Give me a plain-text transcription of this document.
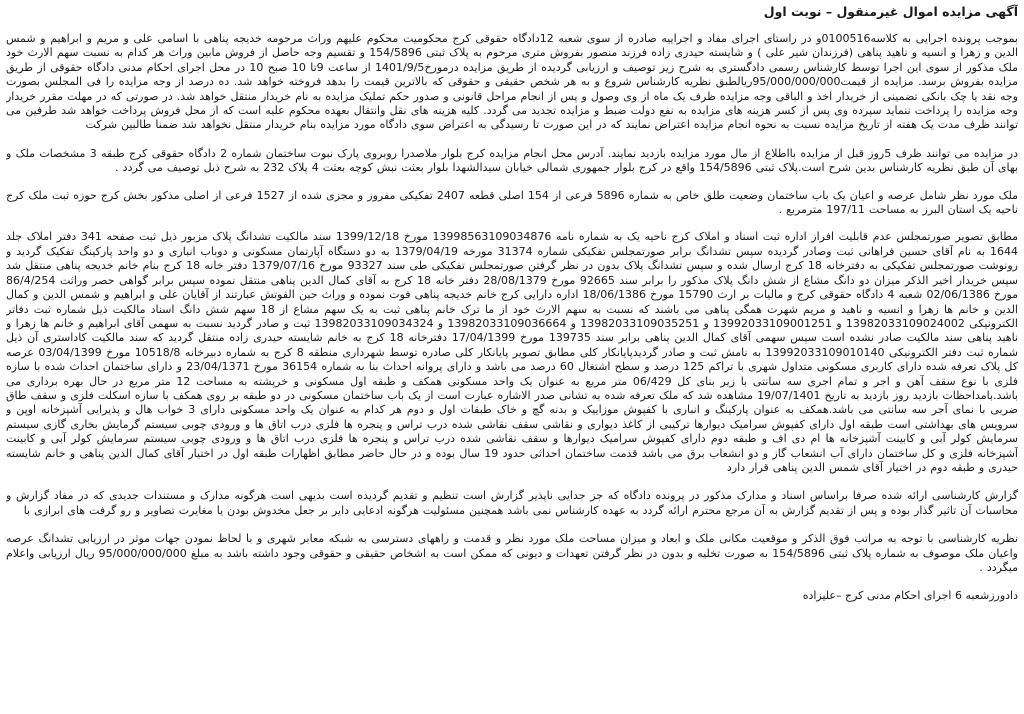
آگهی مزایده اموال غیرمنقول – نوبت اول

بموجب پرونده اجرایی به کلاسه0100516و در راستای اجرای مفاد و اجراییه صادره از سوی شعبه 12دادگاه حقوقی کرج محکومیت محکوم علیهم وراث مرحومه خدیجه پناهی با اسامی علی و مریم و ابراهیم و شمس الدین و زهرا و انسیه و ناهید پناهی (فرزندان شیر علی ) و شایسته حیدری زاده فرزند منصور بفروش متری مرحوم به پلاک ثبتی 154/5896 و تقسیم وجه حاصل از فروش مابین وراث هر کدام به نسبت سهم الارث خود ملک مذکور از سوی این اجرا توسط کارشناس رسمی دادگستری به شرح زیر توصیف و ارزیابی گردیده از طریق مزایده درمورخ1401/9/5 از ساعت 9تا 10 صبح 10 در محل اجرای احکام مدنی دادگاه حقوقی از طریق مزایده بفروش برسد. مزایده از قیمت95/000/000/000ریالطبق نظریه کارشناس شروع و به هر شخص حقیقی و حقوقی که بالاترین قیمت را بدهد فروخته خواهد شد. ده درصد از وجه مزایده را فی المجلس بصورت وجه نقد یا چک بانکی تضمینی از خریدار اخذ و الباقی وجه مزایده ظرف یک ماه از وی وصول و پس از انجام مراحل قانونی و صدور حکم تملیک مزایده به نام خریدار منتقل خواهد شد. در صورتی که در مهلت مقرر خریدار وجه مزایده را پرداخت ننماید سپرده وی پس از کسر هزینه های مزایده به نفع دولت ضبط و مزایده تجدید می گردد. کلیه هزینه های نقل وانتقال بعهده محکوم علیه است که از محل فروش پرداخت خواهد شد طرفین می توانند ظرف مدت یک هفته از تاریخ مزایده نسبت به نحوه انجام مزایده اعتراض نمایند که در این صورت تا رسیدگی به اعتراض سوی دادگاه مورد مزایده بنام خریدار منتقل نخواهد شد ضمنا طالبین شرکت

در مزایده می توانند ظرف 5روز قبل از مزایده بااطلاع از مال مورد مزایده بازدید نمایند. آدرس محل انجام مزایده کرج بلوار ملاصدرا روبروی پارک نبوت ساختمان شماره 2 دادگاه حقوقی کرج طبقه 3 مشخصات ملک و بهای آن طبق نظریه کارشناس بدین شرح است.پلاک ثبتی 154/5896 واقع در کرج بلوار جمهوری شمالی خیابان سیدالشهدا بلوار بعثت نبش کوچه بعثت 4 پلاک 232 به شرح ذیل توصیف می گردد .

ملک مورد نظر شامل عرصه و اعیان یک باب ساختمان وضعیت طلق خاص به شماره 5896 فرعی از 154 اصلی قطعه 2407 تفکیکی مفروز و مجزی شده از 1527 فرعی از اصلی مذکور بخش کرج حوزه ثبت ملک کرج ناحیه یک استان البرز به مساحت 197/11 مترمربع .

مطابق تصویر صورتمجلس عدم قابلیت افراز اداره ثبت اسناد و املاک کرج ناحیه یک به شماره نامه 13998563109034876 مورخ 1399/12/18 سند مالکیت تشدانگ پلاک مزبور ذیل ثبت صفحه 341 دفتر املاک جلد 1644 به نام آقای حسین فراهانی ثبت وصادر گردیده سپس تشدانگ برابر صورتمجلس تفکیکی شماره 31374 مورخه 1379/04/19 به دو دستگاه آپارتمان مسکونی و دوباب انباری و دو واحد پارکینگ تفکیک گردید و رونوشت صورتمجلس تفکیکی به دفترخانه 18 کرج ارسال شده و سپس تشدانگ پلاک بدون در نظر گرفتن صورتمجلس تفکیکی طی سند 93327 مورخ 1379/07/16 دفتر خانه 18 کرج بنام خانم خدیجه پناهی منتقل شد سپس خریدار اخیر الذکر میزان دو دانگ مشاع از شش دانگ پلاک مذکور را برابر سند 92665 مورخ 28/08/1379 دفتر خانه 18 کرج به آقای کمال الدین پناهی منتقل نموده سپس برابر گواهی حصر وراثت 86/4/254 مورخ 02/06/1386 شعبه 4 دادگاه حقوقی کرج و مالیات بر ارث 15790 مورخ 18/06/1386 اداره دارایی کرج خانم خدیجه پناهی فوت نموده و وراث حین الفوتش عبارتند از آقایان علی و ابراهیم و شمس الدین و کمال الدین و خانم ها زهرا و انسیه و ناهید و مریم شهرت همگی پناهی می باشند که نسبت به سهم الارث خود از ما ترک خانم پناهی ثبت به یک سهم مشاع از 18 سهم شش دانگ اسناد مالکیت ذیل شماره ثبت دفاتر الکترونیکی 13982033109024002 و 13992033109001251 و 13982033109035251 و 13982033109036664 و 13982033109034324 ثبت و صادر گردید نسبت به سهمی آقای ابراهیم و خانم ها زهرا و ناهید پناهی سند مالکیت صادر نشده است سپس سهمی آقای کمال الدین پناهی برابر سند 139735 مورخ 17/04/1399 دفترخانه 18 کرج به خانم شایسته حیدری زاده منتقل گردید که سند مالکیت کاداستری آن ذیل شماره ثبت دفتر الکترونیکی 13992033109010140 به نامش ثبت و صادر گردیدپایانکار کلی مطابق تصویر پایانکار کلی صادره توسط شهرداری منطقه 8 کرج به شماره دبیرخانه 10518/8 مورخ 03/04/1399 عرصه کل پلاک تعرفه شده دارای کاربری مسکونی متداول شهری با تراکم 125 درصد و سطح اشتغال 60 درصد می باشد و دارای پروانه احداث بنا به شماره 36154 مورخ 23/04/1371 و دارای ساختمان احداث شده با سازه فلزی با نوع سقف آهن و اجر و تمام اجری سه سانتی با زیر بنای کل 06/429 متر مربع به عنوان یک واحد مسکونی همکف و طبقه اول مسکونی و خرپشته به مساحت 12 متر مربع در حال بهره برداری می باشد.بامداحظات بازدید روز بازدید به تاریخ 19/07/1401 مشاهده شد که ملک تعرفه شده به تشانی صدر الاشاره عبارت است از یک باب ساختمان مسکونی در دو طبقه بر روی همکف با سازه اسکلت فلزی و سقف طاق ضربی با نمای آجر سه سانتی می باشد.همکف به عنوان پارکینگ و انباری با کفپوش موزاییک و بدنه گچ و خاک طبقات اول و دوم هر کدام به عنوان یک واحد مسکونی دارای 3 خواب هال و پذیرایی آشپزخانه اوپن و سرویس های بهداشتی است طبقه اول دارای کفپوش سرامیک دیوارها ترکیبی از کاغذ دیواری و نقاشی سقف نقاشی شده درب تراس و پنجره ها فلزی درب اتاق ها و ورودی چوبی سیستم گرمایش بخاری گازی سیستم سرمایش کولر آبی و کابینت آشپزخانه ها ام دی اف و طبقه دوم دارای کفپوش سرامیک دیوارها و سقف نقاشی شده درب تراس و پنجره ها فلزی درب اتاق ها و ورودی چوبی سیستم سرمایش کولر آبی و کابینت آشپزخانه فلزی و کل ساختمان دارای آب انشعاب گاز و دو انشعاب برق می باشد قدمت ساختمان احداثی حدود 19 سال بوده و در حال حاضر مطابق اظهارات طبقه اول در اختیار آقای کمال الدین پناهی و خانم شایسته حیدری و طبقه دوم در اختیار آقای شمس الدین پناهی قرار دارد

گزارش کارشناسی ارائه شده صرفا براساس اسناد و مدارک مذکور در پرونده دادگاه که جز جدایی ناپذیر گزارش است تنظیم و تقدیم گردیده است بدیهی است هرگونه مدارک و مستندات جدیدی که در مفاد گزارش و محاسبات آن تاثیر گذار بوده و پس از تقدیم گزارش به آن مرجع محترم ارائه گردد به عهده کارشناس نمی باشد همچنین مسئولیت هرگونه ادعایی دایر بر جعل مخدوش بودن یا مغایرت تصاویر و رو گرفت های ابرازی با

نظریه کارشناسی با توجه به مراتب فوق الذکر و موقعیت مکانی ملک و ابعاد و میزان مساحت ملک مورد نظر و قدمت و راههای دسترسی به شبکه معابر شهری و با لحاظ نمودن جهات موثر در ارزیابی تشدانگ عرصه واعیان ملک موصوف به شماره پلاک ثبتی 154/5896 به صورت تخلیه و بدون در نظر گرفتن تعهدات و دیونی که ممکن است به اشخاص حقیقی و حقوقی وجود داشته باشد به مبلغ 95/000/000/000 ریال ارزیابی واعلام میگردد .

دادورزشعبه 6 اجرای احکام مدنی کرج –علیزاده
